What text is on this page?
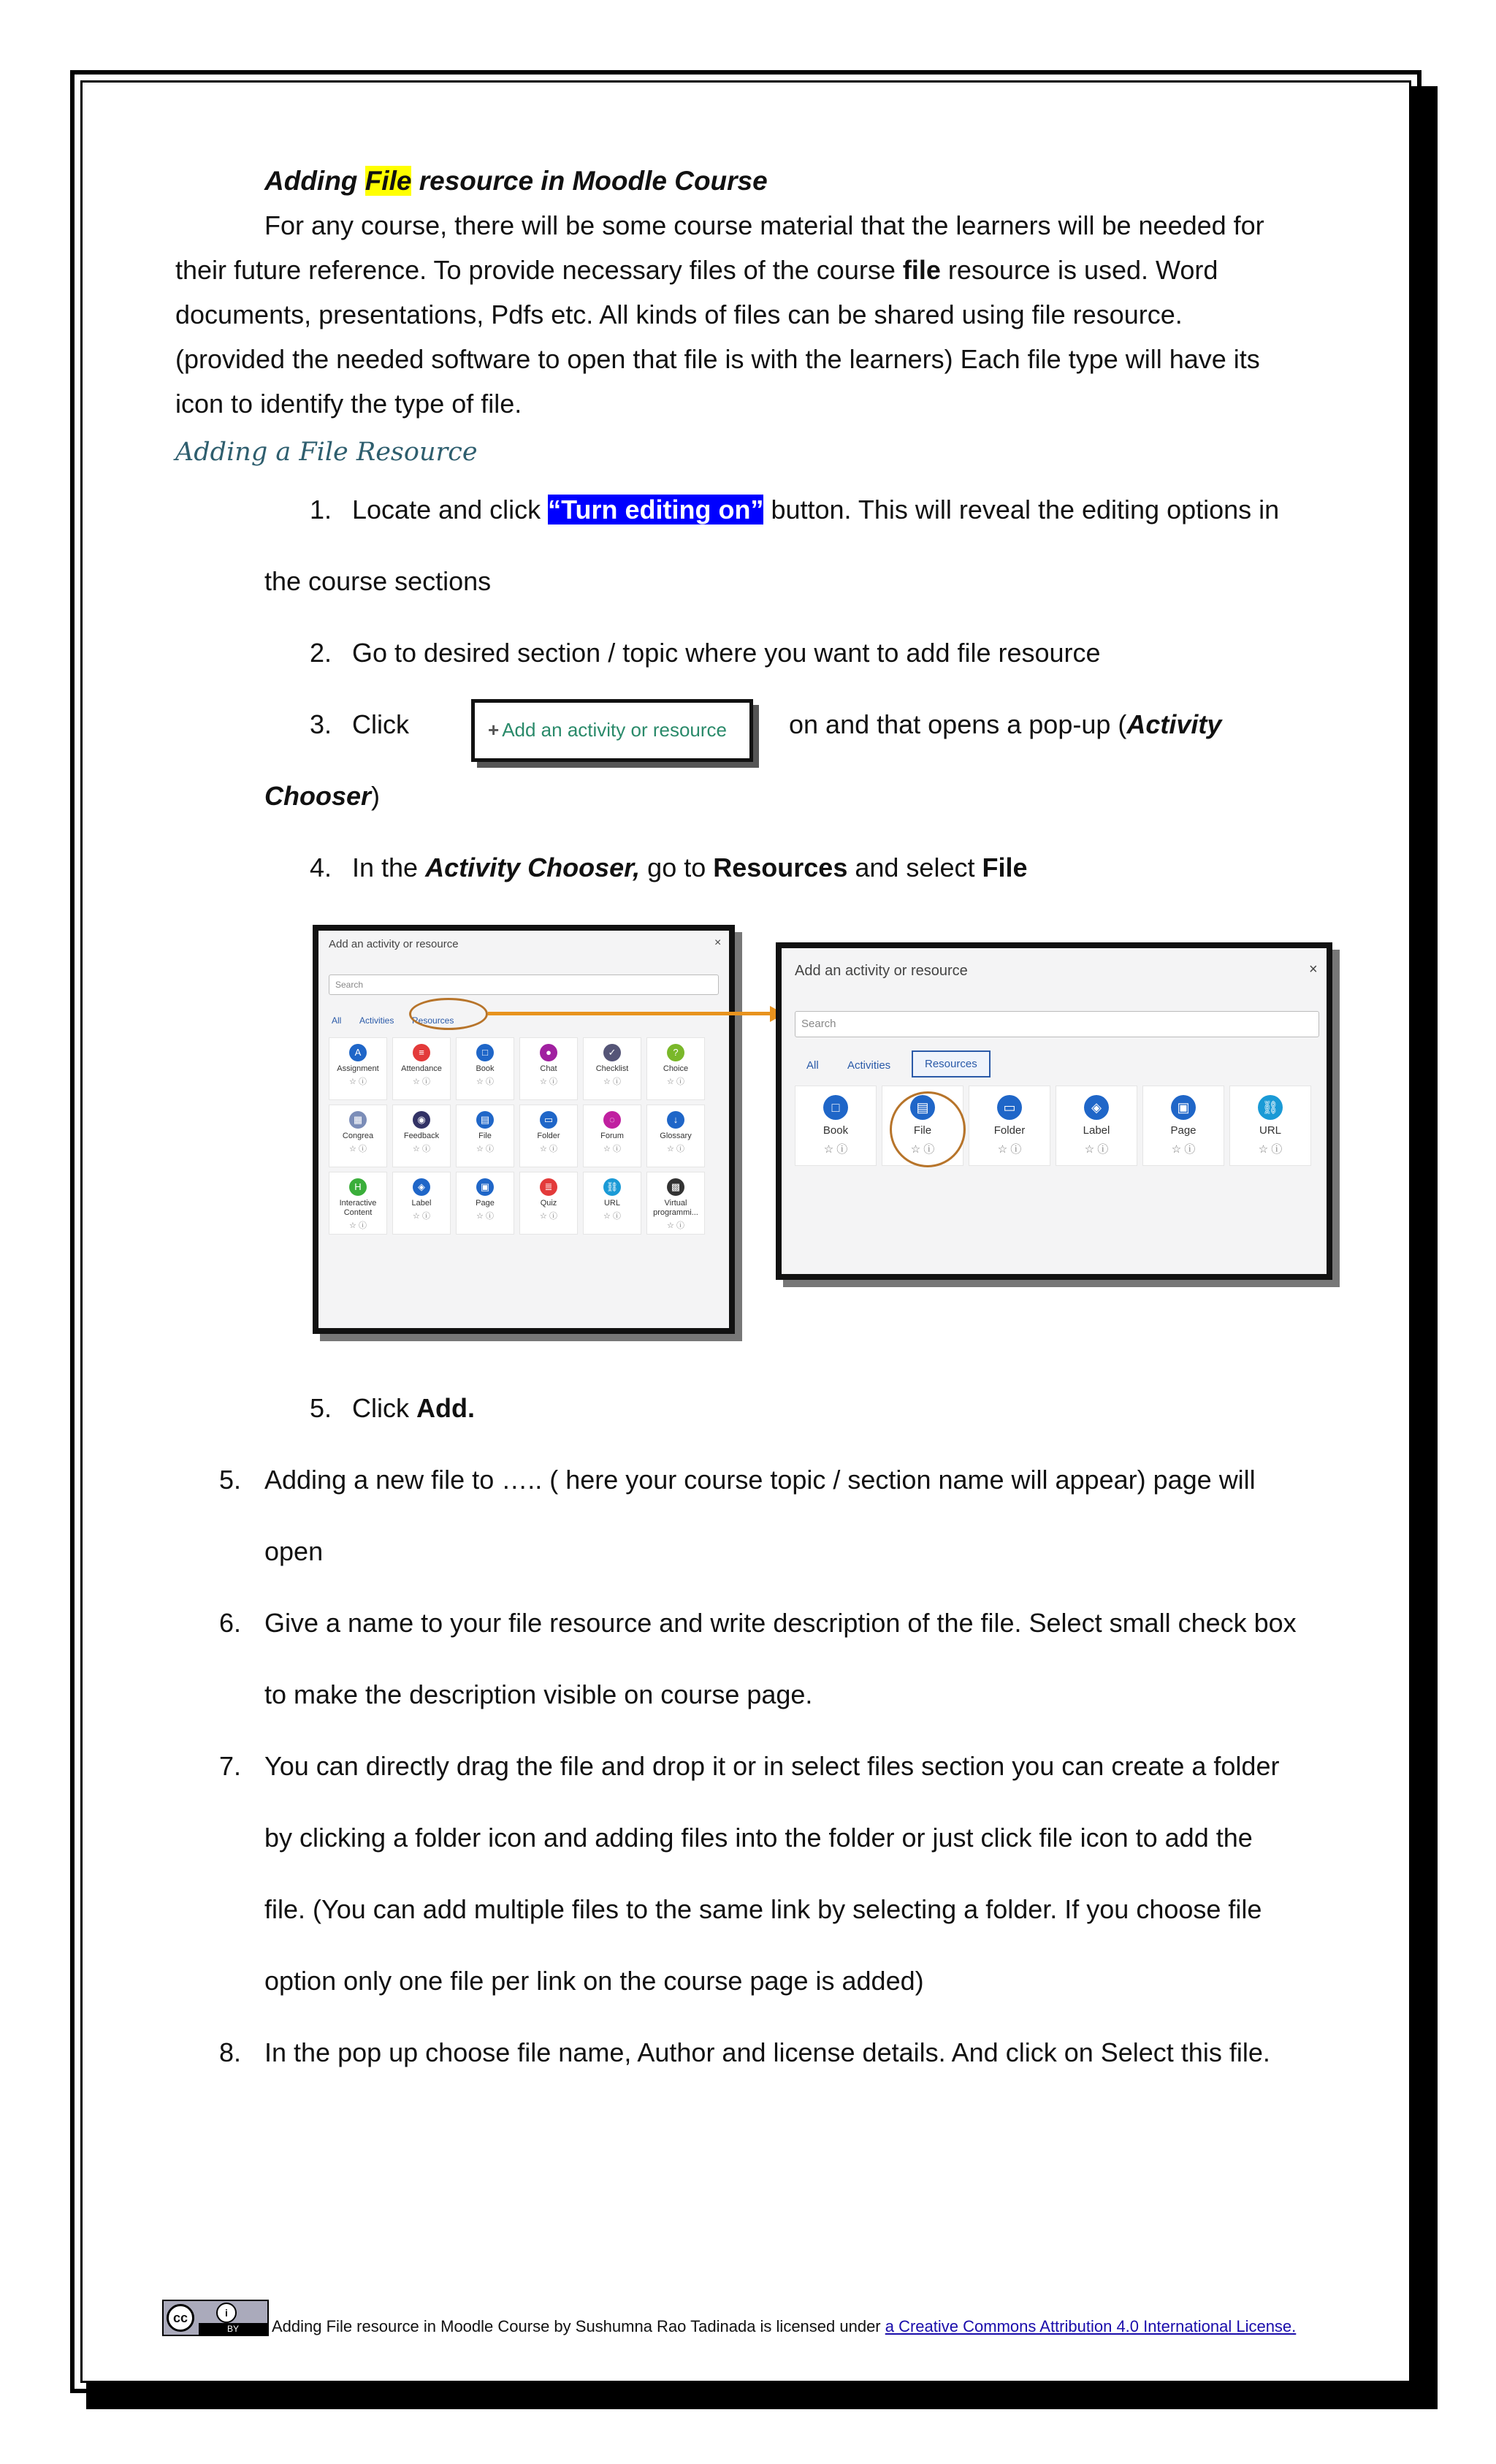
Adding File resource in Moodle Course
For any course, there will be some course material that the learners will be needed for
their future reference. To provide necessary files of the course file resource is used. Word
documents, presentations, Pdfs etc. All kinds of files can be shared using file resource.
(provided the needed software to open that file is with the learners) Each file type will have its
icon to identify the type of file.
Adding a File Resource
1. Locate and click “Turn editing on” button. This will reveal the editing options in
the course sections
2. Go to desired section / topic where you want to add file resource
3. Click	+ Add an activity or resource on and that opens a pop-up (Activity
Chooser)
4. In the Activity Chooser, go to Resources and select File
Add an activity or resource	×
Search
All Activities Resources
A
Assignment
☆ ⓘ
≡
Attendance
☆ ⓘ
□
Book
☆ ⓘ
●
Chat
☆ ⓘ
✓
Checklist
☆ ⓘ
?
Choice
☆ ⓘ
▦
Congrea
☆ ⓘ
◉
Feedback
☆ ⓘ
▤
File
☆ ⓘ
▭
Folder
☆ ⓘ
◌
Forum
☆ ⓘ
↓
Glossary
☆ ⓘ
H
Interactive Content
☆ ⓘ
◈
Label
☆ ⓘ
▣
Page
☆ ⓘ
≣
Quiz
☆ ⓘ
⛓
URL
☆ ⓘ
▩
Virtual programmi...
☆ ⓘ
Add an activity or resource	×
Search
All	Activities	Resources
□
Book
☆ ⓘ
▤
File
☆ ⓘ
▭
Folder
☆ ⓘ
◈
Label
☆ ⓘ
▣
Page
☆ ⓘ
⛓
URL
☆ ⓘ
5. Click Add.
5. Adding a new file to ….. ( here your course topic / section name will appear) page will
open
6. Give a name to your file resource and write description of the file. Select small check box
to make the description visible on course page.
7. You can directly drag the file and drop it or in select files section you can create a folder
by clicking a folder icon and adding files into the folder or just click file icon to add the
file. (You can add multiple files to the same link by selecting a folder. If you choose file
option only one file per link on the course page is added)
8. In the pop up choose file name, Author and license details. And click on Select this file.
cc	i
BY	Adding File resource in Moodle Course by Sushumna Rao Tadinada is licensed under a Creative Commons Attribution 4.0 International License.
